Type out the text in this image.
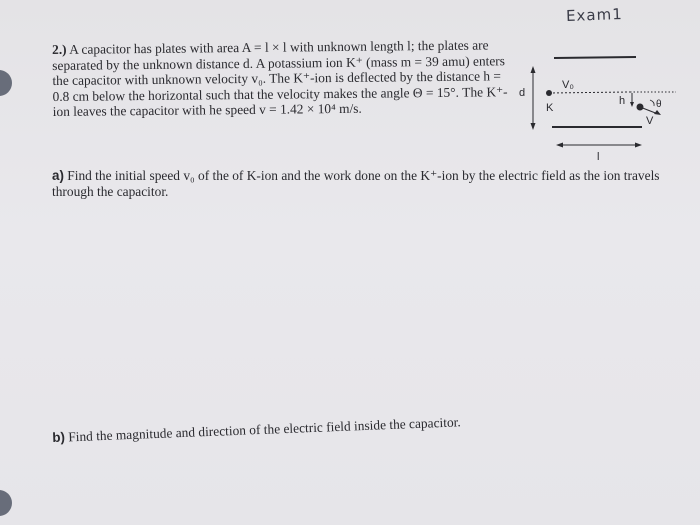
Exam1

2.) A capacitor has plates with area A = l × l with unknown length l; the plates are separated by the unknown distance d. A potassium ion K⁺ (mass m = 39 amu) enters the capacitor with unknown velocity v₀. The K⁺-ion is deflected by the distance h = 0.8 cm below the horizontal such that the velocity makes the angle Θ = 15°. The K⁺-ion leaves the capacitor with he speed v = 1.42 × 10⁴ m/s.

d
V₀
K
h	θ
V
l
a) Find the initial speed v₀ of the of K-ion and the work done on the K⁺-ion by the electric field as the ion travels through the capacitor.
b) Find the magnitude and direction of the electric field inside the capacitor.
